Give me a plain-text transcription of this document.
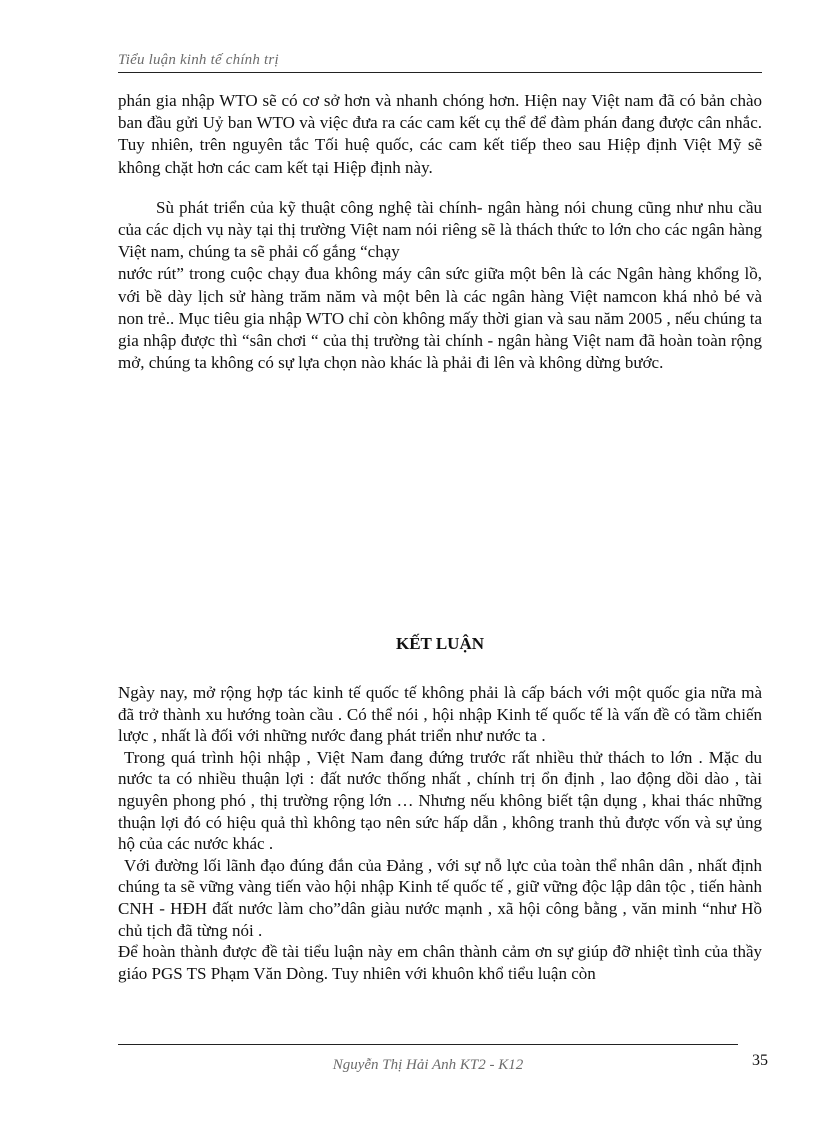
Tiểu luận kinh tế chính trị

phán gia nhập WTO sẽ có cơ sở hơn và nhanh chóng hơn. Hiện nay Việt nam đã có bản chào ban đầu gửi Uỷ ban WTO và việc đưa ra các cam kết cụ thể để đàm phán đang được cân nhắc. Tuy nhiên, trên nguyên tắc Tối huệ quốc, các cam kết tiếp theo sau Hiệp định Việt Mỹ sẽ không chặt hơn các cam kết tại Hiệp định này.

Sù phát triển của kỹ thuật công nghệ tài chính- ngân hàng nói chung cũng như nhu cầu của các dịch vụ này tại thị trường Việt nam nói riêng sẽ là thách thức to lớn cho các ngân hàng Việt nam, chúng ta sẽ phải cố gắng “chạy

nước rút” trong cuộc chạy đua không máy cân sức giữa một bên là các Ngân hàng khổng lồ, với bề dày lịch sử hàng trăm năm và một bên là các ngân hàng Việt namcon khá nhỏ bé và non trẻ.. Mục tiêu gia nhập WTO chỉ còn không mấy thời gian và sau năm 2005 , nếu chúng ta gia nhập được thì “sân chơi “ của thị trường tài chính - ngân hàng Việt nam đã hoàn toàn rộng mở, chúng ta không có sự lựa chọn nào khác là phải đi lên và không dừng bước.

KẾT LUẬN

Ngày nay, mở rộng hợp tác kinh tế quốc tế không phải là cấp bách với một quốc gia nữa mà đã trở thành xu hướng toàn cầu . Có thể nói , hội nhập Kinh tế quốc tế là vấn đề có tầm chiến lược , nhất là đối với những nước đang phát triển như nước ta .

Trong quá trình hội nhập , Việt Nam đang đứng trước rất nhiều thử thách to lớn . Mặc du nước ta có nhiều thuận lợi : đất nước thống nhất , chính trị ổn định , lao động dồi dào , tài nguyên phong phó , thị trường rộng lớn … Nhưng nếu không biết tận dụng , khai thác những thuận lợi đó có hiệu quả thì không tạo nên sức hấp dẫn , không tranh thủ được vốn và sự ủng hộ của các nước khác .

Với đường lối lãnh đạo đúng đắn của Đảng , với sự nỗ lực của toàn thể nhân dân , nhất định chúng ta sẽ vững vàng tiến vào hội nhập Kinh tế quốc tế , giữ vững độc lập dân tộc , tiến hành CNH - HĐH đất nước làm cho”dân giàu nước mạnh , xã hội công bằng , văn minh “như Hồ chủ tịch đã từng nói .

Để hoàn thành được đề tài tiểu luận này em chân thành cảm ơn sự giúp đỡ nhiệt tình của thầy giáo PGS TS Phạm Văn Dòng. Tuy nhiên với khuôn khổ tiểu luận còn

Nguyễn Thị Hải Anh KT2 - K12	35
